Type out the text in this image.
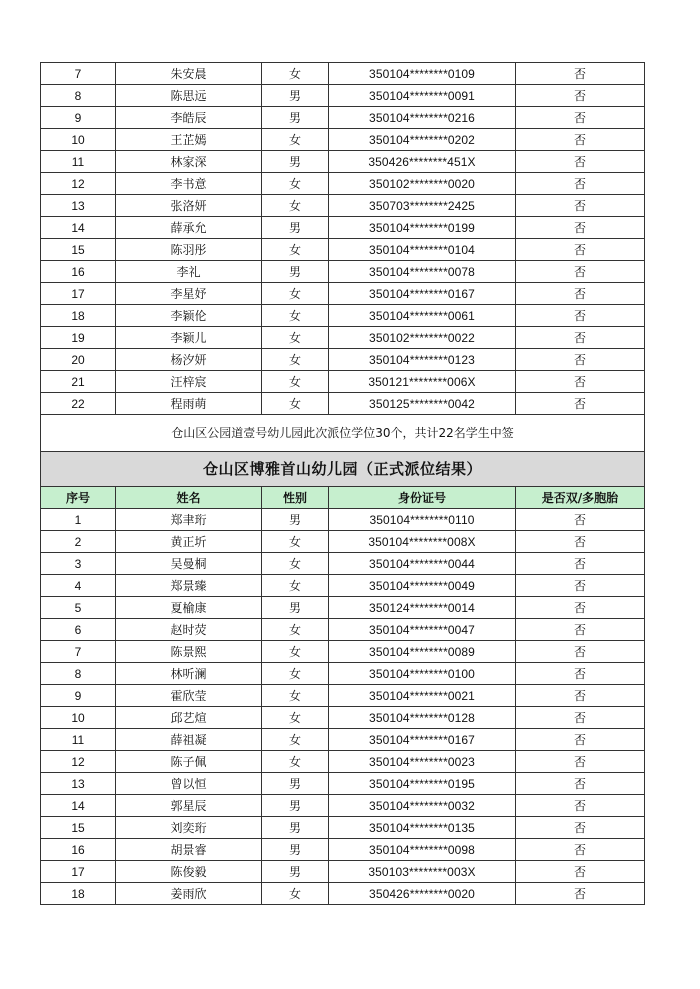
7	朱安晨	女	350104********0109	否
8	陈思远	男	350104********0091	否
9	李皓辰	男	350104********0216	否
10	王芷嫣	女	350104********0202	否
11	林家深	男	350426********451X	否
12	李书意	女	350102********0020	否
13	张洛妍	女	350703********2425	否
14	薛承允	男	350104********0199	否
15	陈羽彤	女	350104********0104	否
16	李礼	男	350104********0078	否
17	李星妤	女	350104********0167	否
18	李颖伦	女	350104********0061	否
19	李颖儿	女	350102********0022	否
20	杨汐妍	女	350104********0123	否
21	汪梓宸	女	350121********006X	否
22	程雨萌	女	350125********0042	否
仓山区公园道壹号幼儿园此次派位学位30个，共计22名学生中签				
仓山区博雅首山幼儿园（正式派位结果）				
序号	姓名	性别	身份证号	是否双/多胞胎
1	郑聿珩	男	350104********0110	否
2	黄正圻	女	350104********008X	否
3	吴曼桐	女	350104********0044	否
4	郑景臻	女	350104********0049	否
5	夏榆康	男	350124********0014	否
6	赵时荧	女	350104********0047	否
7	陈景熙	女	350104********0089	否
8	林听澜	女	350104********0100	否
9	霍欣莹	女	350104********0021	否
10	邱艺煊	女	350104********0128	否
11	薛祖凝	女	350104********0167	否
12	陈子佩	女	350104********0023	否
13	曾以恒	男	350104********0195	否
14	郭星辰	男	350104********0032	否
15	刘奕珩	男	350104********0135	否
16	胡景睿	男	350104********0098	否
17	陈俊毅	男	350103********003X	否
18	姜雨欣	女	350426********0020	否
